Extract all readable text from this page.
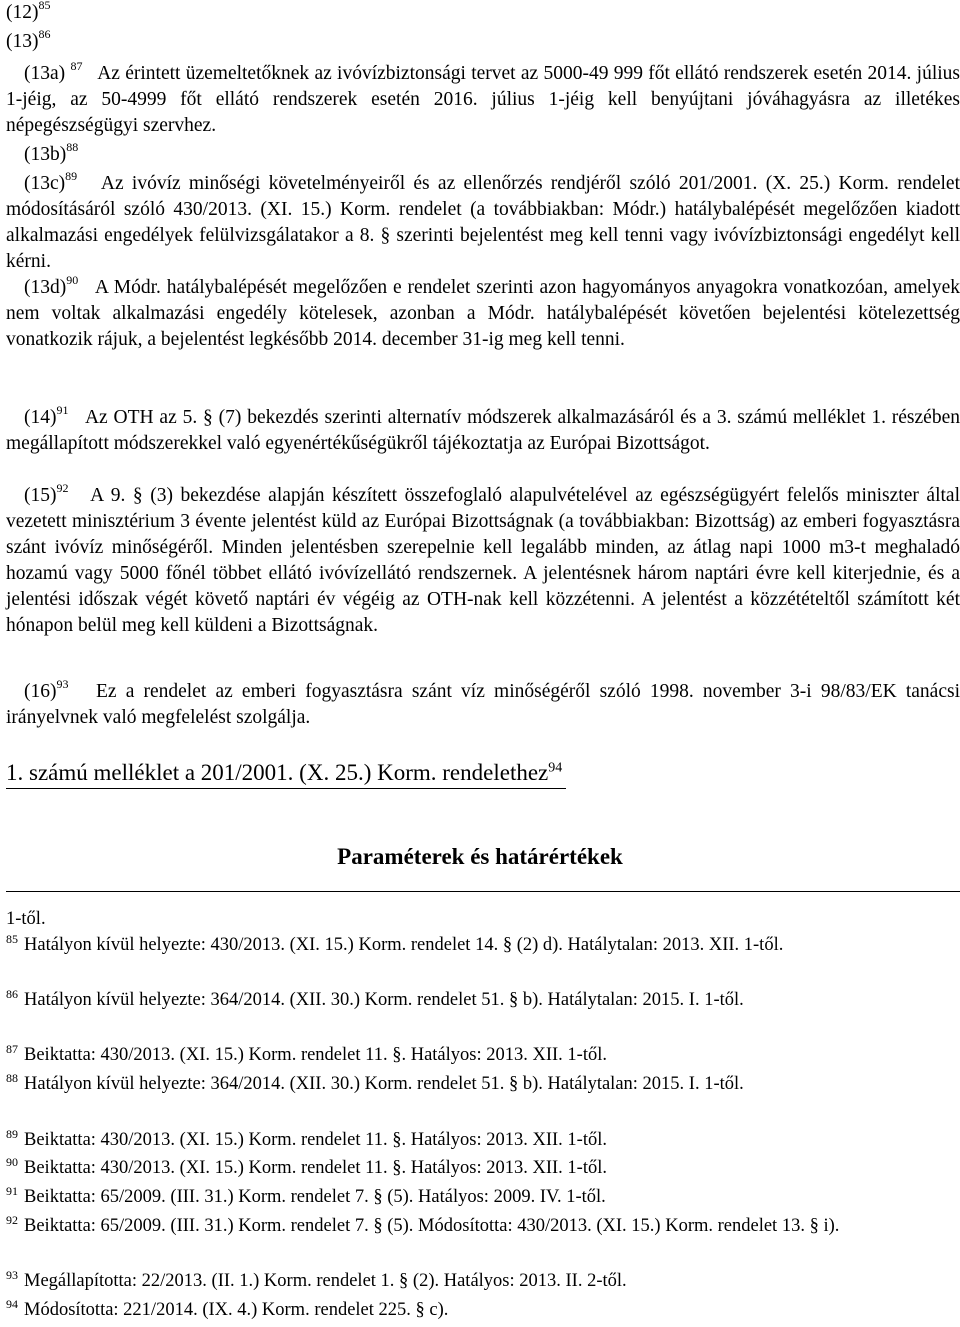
$(12)^{85}$
$(13)^{86}$
(13a) $^{87}$ Az érintett üzemeltetőknek az ivóvízbiztonsági tervet az 5000-49 999 főt ellátó rendszerek esetén 2014. július 1-jéig, az 50-4999 főt ellátó rendszerek esetén 2016. július 1-jéig kell benyújtani jóváhagyásra az illetékes népegészségügyi szervhez.
$(13b)^{88}$
$(13c)^{89}$ Az ivóvíz minőségi követelményeiről és az ellenőrzés rendjéről szóló 201/2001. (X. 25.) Korm. rendelet módosításáról szóló 430/2013. (XI. 15.) Korm. rendelet (a továbbiakban: Módr.) hatálybalépését megelőzően kiadott alkalmazási engedélyek felülvizsgálatakor a 8. § szerinti bejelentést meg kell tenni vagy ivóvízbiztonsági engedélyt kell kérni.
$(13d)^{90}$ A Módr. hatálybalépését megelőzően e rendelet szerinti azon hagyományos anyagokra vonatkozóan, amelyek nem voltak alkalmazási engedély kötelesek, azonban a Módr. hatálybalépését követően bejelentési kötelezettség vonatkozik rájuk, a bejelentést legkésőbb 2014. december 31-ig meg kell tenni.
$(14)^{91}$ Az OTH az 5. § (7) bekezdés szerinti alternatív módszerek alkalmazásáról és a 3. számú melléklet 1. részében megállapított módszerekkel való egyenértékűségükről tájékoztatja az Európai Bizottságot.
$(15)^{92}$ A 9. § (3) bekezdése alapján készített összefoglaló alapulvételével az egészségügyért felelős miniszter által vezetett minisztérium 3 évente jelentést küld az Európai Bizottságnak (a továbbiakban: Bizottság) az emberi fogyasztásra szánt ivóvíz minőségéről. Minden jelentésben szerepelnie kell legalább minden, az átlag napi 1000 m3-t meghaladó hozamú vagy 5000 főnél többet ellátó ivóvízellátó rendszernek. A jelentésnek három naptári évre kell kiterjednie, és a jelentési időszak végét követő naptári év végéig az OTH-nak kell közzétenni. A jelentést a közzétételtől számított két hónapon belül meg kell küldeni a Bizottságnak.
$(16)^{93}$ Ez a rendelet az emberi fogyasztásra szánt víz minőségéről szóló 1998. november 3-i 98/83/EK tanácsi irányelvnek való megfelelést szolgálja.
1. számú melléklet a 201/2001. (X. 25.) Korm. rendelethez$^{94}$
Paraméterek és határértékek
1-től.
$^{85}$ Hatályon kívül helyezte: 430/2013. (XI. 15.) Korm. rendelet 14. § (2) d). Hatálytalan: 2013. XII. 1-től.
$^{86}$ Hatályon kívül helyezte: 364/2014. (XII. 30.) Korm. rendelet 51. § b). Hatálytalan: 2015. I. 1-től.
$^{87}$ Beiktatta: 430/2013. (XI. 15.) Korm. rendelet 11. §. Hatályos: 2013. XII. 1-től.
$^{88}$ Hatályon kívül helyezte: 364/2014. (XII. 30.) Korm. rendelet 51. § b). Hatálytalan: 2015. I. 1-től.
$^{89}$ Beiktatta: 430/2013. (XI. 15.) Korm. rendelet 11. §. Hatályos: 2013. XII. 1-től.
$^{90}$ Beiktatta: 430/2013. (XI. 15.) Korm. rendelet 11. §. Hatályos: 2013. XII. 1-től.
$^{91}$ Beiktatta: 65/2009. (III. 31.) Korm. rendelet 7. § (5). Hatályos: 2009. IV. 1-től.
$^{92}$ Beiktatta: 65/2009. (III. 31.) Korm. rendelet 7. § (5). Módosította: 430/2013. (XI. 15.) Korm. rendelet 13. § i).
$^{93}$ Megállapította: 22/2013. (II. 1.) Korm. rendelet 1. § (2). Hatályos: 2013. II. 2-től.
$^{94}$ Módosította: 221/2014. (IX. 4.) Korm. rendelet 225. § c).
